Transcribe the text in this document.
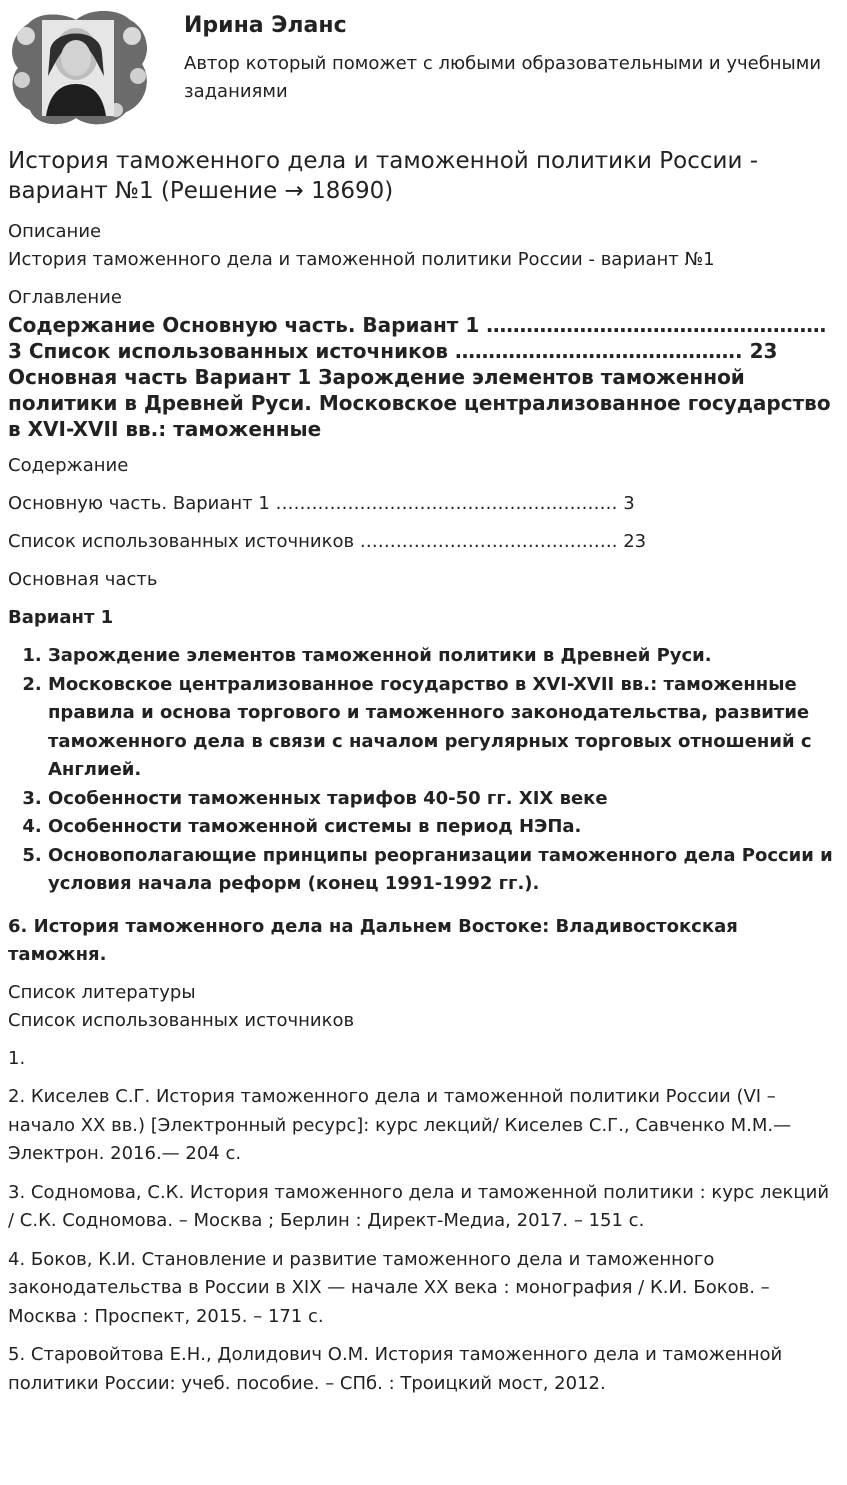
Ирина Эланс

Автор который поможет с любыми образовательными и учебными заданиями

История таможенного дела и таможенной политики России - вариант №1 (Решение → 18690)

Описание

История таможенного дела и таможенной политики России - вариант №1

Оглавление

Содержание Основную часть. Вариант 1 …………………………………………… 3 Список использованных источников ……………………………………. 23 Основная часть Вариант 1 Зарождение элементов таможенной политики в Древней Руси. Московское централизованное государство в XVI-XVII вв.: таможенные

Содержание

Основную часть. Вариант 1 ………………………………………………… 3

Список использованных источников ……………………………………. 23

Основная часть

Вариант 1

1. Зарождение элементов таможенной политики в Древней Руси.
2. Московское централизованное государство в XVI-XVII вв.: таможенные правила и основа торгового и таможенного законодательства, развитие таможенного дела в связи с началом регулярных торговых отношений с Англией.
3. Особенности таможенных тарифов 40-50 гг. XIX веке
4. Особенности таможенной системы в период НЭПа.
5. Основополагающие принципы реорганизации таможенного дела России и условия начала реформ (конец 1991-1992 гг.).

6. История таможенного дела на Дальнем Востоке: Владивостокская таможня.

Список литературы

Список использованных источников

1.

2. Киселев С.Г. История таможенного дела и таможенной политики России (VI – начало XX вв.) [Электронный ресурс]: курс лекций/ Киселев С.Г., Савченко М.М.— Электрон. 2016.— 204 с.

3. Содномова, С.К. История таможенного дела и таможенной политики : курс лекций / С.К. Содномова. – Москва ; Берлин : Директ-Медиа, 2017. – 151 с.

4. Боков, К.И. Становление и развитие таможенного дела и таможенного законодательства в России в XIX — начале XX века : монография / К.И. Боков. – Москва : Проспект, 2015. – 171 с.

5. Старовойтова Е.Н., Долидович О.М. История таможенного дела и таможенной политики России: учеб. пособие. – СПб. : Троицкий мост, 2012.
